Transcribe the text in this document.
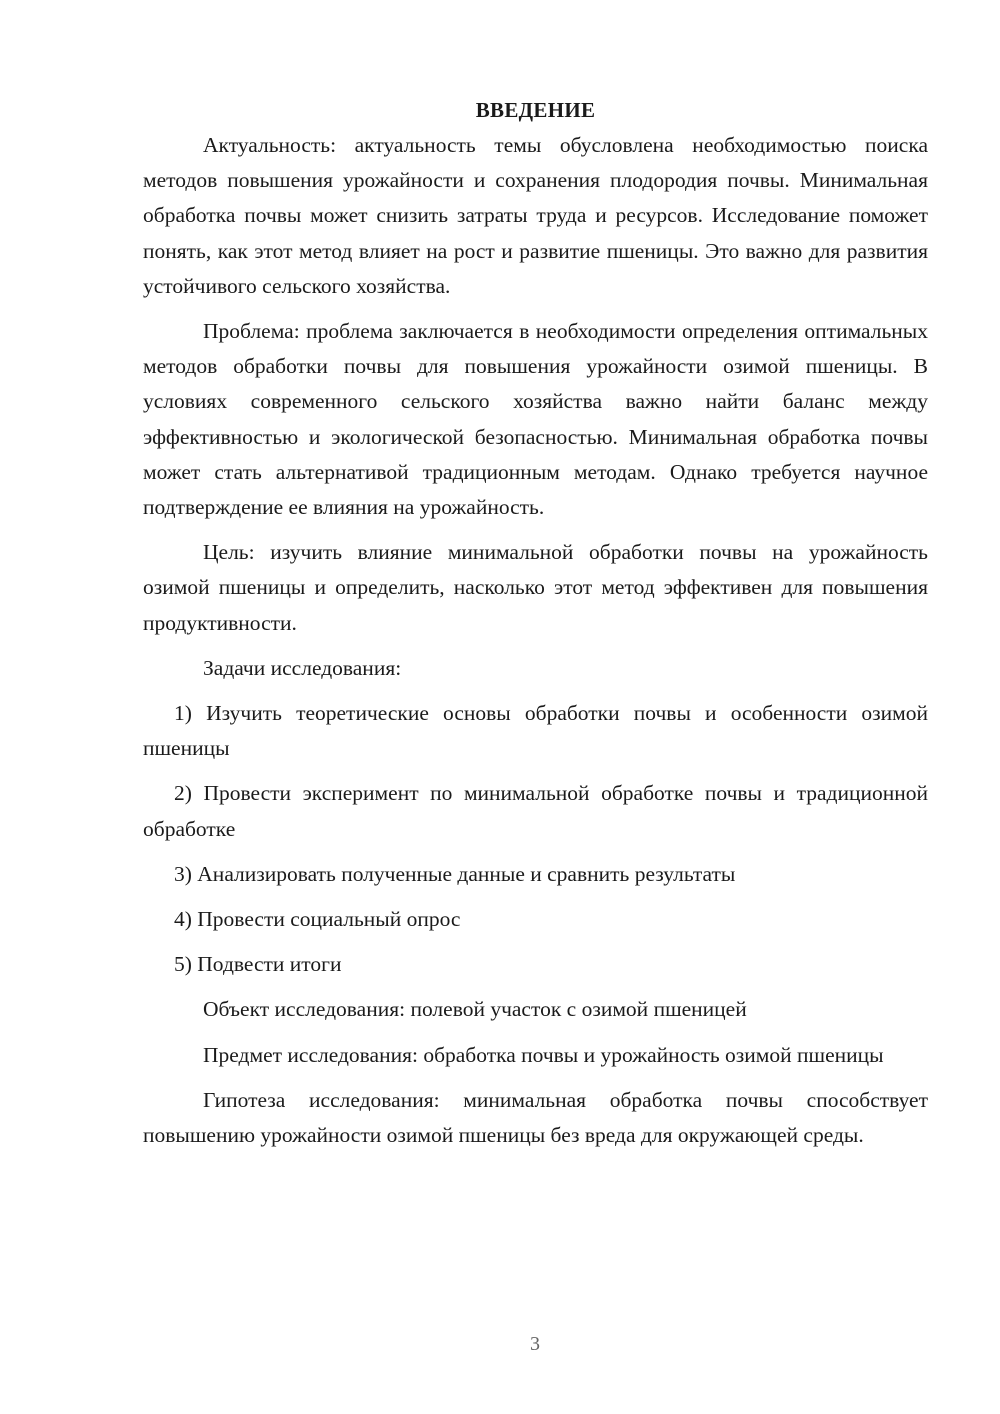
ВВЕДЕНИЕ

Актуальность: актуальность темы обусловлена необходимостью поиска методов повышения урожайности и сохранения плодородия почвы. Минимальная обработка почвы может снизить затраты труда и ресурсов. Исследование поможет понять, как этот метод влияет на рост и развитие пшеницы. Это важно для развития устойчивого сельского хозяйства.

Проблема: проблема заключается в необходимости определения оптимальных методов обработки почвы для повышения урожайности озимой пшеницы. В условиях современного сельского хозяйства важно найти баланс между эффективностью и экологической безопасностью. Минимальная обработка почвы может стать альтернативой традиционным методам. Однако требуется научное подтверждение ее влияния на урожайность.

Цель: изучить влияние минимальной обработки почвы на урожайность озимой пшеницы и определить, насколько этот метод эффективен для повышения продуктивности.

Задачи исследования:

1) Изучить теоретические основы обработки почвы и особенности озимой пшеницы

2) Провести эксперимент по минимальной обработке почвы и традиционной обработке

3) Анализировать полученные данные и сравнить результаты

4) Провести социальный опрос

5) Подвести итоги

Объект исследования: полевой участок с озимой пшеницей

Предмет исследования: обработка почвы и урожайность озимой пшеницы

Гипотеза исследования: минимальная обработка почвы способствует повышению урожайности озимой пшеницы без вреда для окружающей среды.

3
